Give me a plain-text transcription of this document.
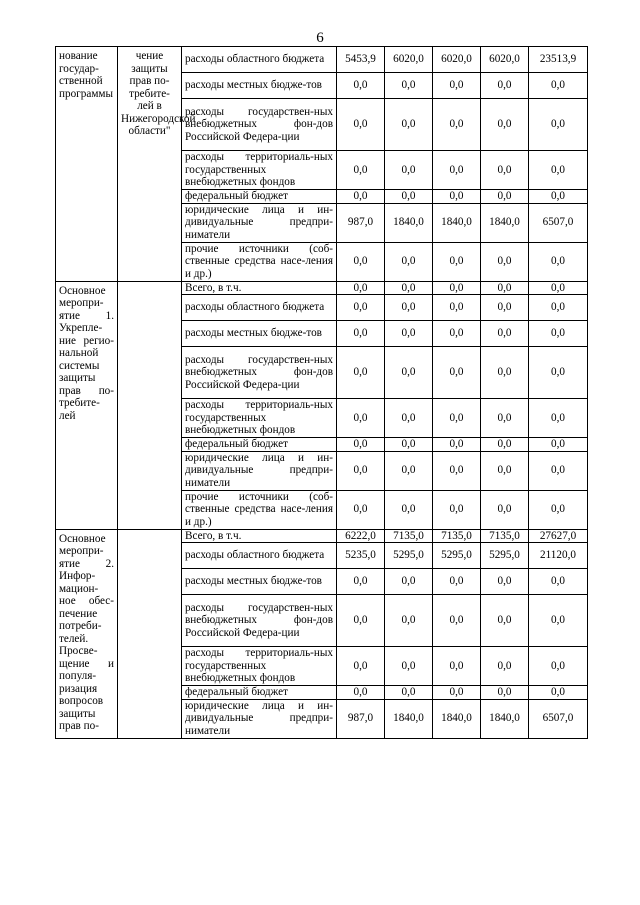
6
нование государ-ственной программы	чение защиты прав по-требите-лей в Нижегородской области"	расходы областного бюджета	5453,9	6020,0	6020,0	6020,0	23513,9
		расходы местных бюдже-тов	0,0	0,0	0,0	0,0	0,0
		расходы государствен-ных внебюджетных фон-дов Российской Федера-ции	0,0	0,0	0,0	0,0	0,0
		расходы территориаль-ных государственных внебюджетных фондов	0,0	0,0	0,0	0,0	0,0
		федеральный бюджет	0,0	0,0	0,0	0,0	0,0
		юридические лица и ин-дивидуальные предпри-ниматели	987,0	1840,0	1840,0	1840,0	6507,0
		прочие источники (соб-ственные средства насе-ления и др.)	0,0	0,0	0,0	0,0	0,0
Основное меропри-ятие 1. Укрепле-ние регио-нальной системы защиты прав по-требите-лей		Всего, в т.ч.	0,0	0,0	0,0	0,0	0,0
		расходы областного бюджета	0,0	0,0	0,0	0,0	0,0
		расходы местных бюдже-тов	0,0	0,0	0,0	0,0	0,0
		расходы государствен-ных внебюджетных фон-дов Российской Федера-ции	0,0	0,0	0,0	0,0	0,0
		расходы территориаль-ных государственных внебюджетных фондов	0,0	0,0	0,0	0,0	0,0
		федеральный бюджет	0,0	0,0	0,0	0,0	0,0
		юридические лица и ин-дивидуальные предпри-ниматели	0,0	0,0	0,0	0,0	0,0
		прочие источники (соб-ственные средства насе-ления и др.)	0,0	0,0	0,0	0,0	0,0
Основное меропри-ятие 2. Инфор-мацион-ное обес-печение потреби-телей. Просве-щение и популя-ризация вопросов защиты прав по-		Всего, в т.ч.	6222,0	7135,0	7135,0	7135,0	27627,0
		расходы областного бюджета	5235,0	5295,0	5295,0	5295,0	21120,0
		расходы местных бюдже-тов	0,0	0,0	0,0	0,0	0,0
		расходы государствен-ных внебюджетных фон-дов Российской Федера-ции	0,0	0,0	0,0	0,0	0,0
		расходы территориаль-ных государственных внебюджетных фондов	0,0	0,0	0,0	0,0	0,0
		федеральный бюджет	0,0	0,0	0,0	0,0	0,0
		юридические лица и ин-дивидуальные предпри-ниматели	987,0	1840,0	1840,0	1840,0	6507,0
